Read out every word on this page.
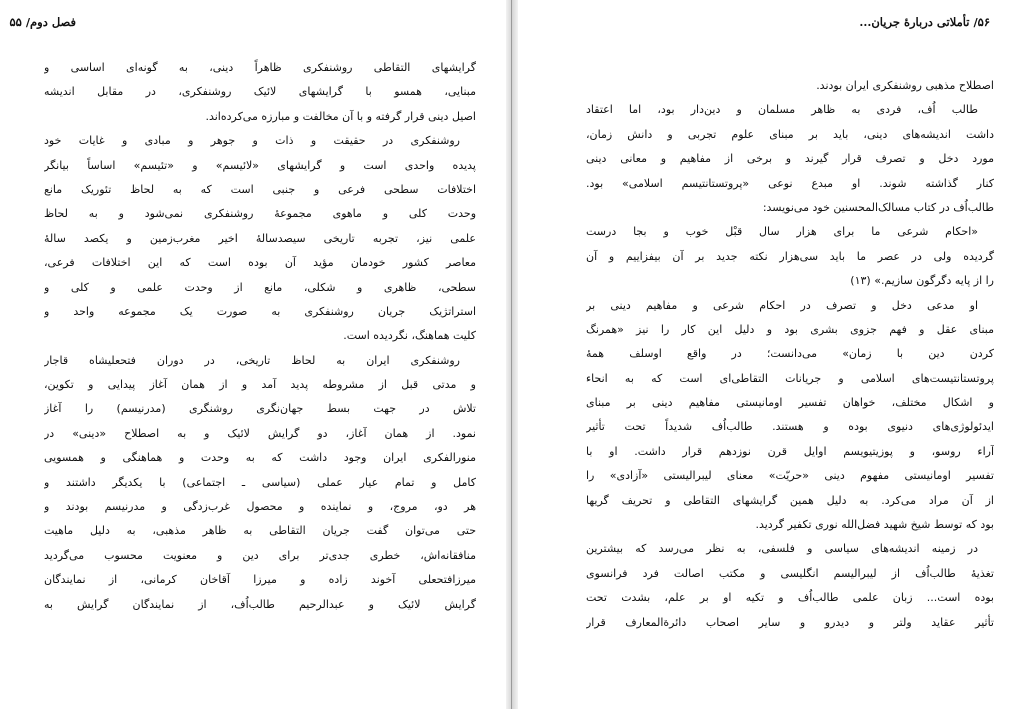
فصل دوم/ ۵۵
گرایشهای التقاطی روشنفکری ظاهراً دینی، به گونه‌ای اساسی و
مبنایی، همسو با گرایشهای لائیک روشنفکری، در مقابل اندیشه
اصیل دینی قرار گرفته و با آن مخالفت و مبارزه می‌کرده‌اند.
روشنفکری در حقیقت و ذات و جوهر و مبادی و غایات خود
پدیده واحدی است و گرایشهای «لائیسم» و «تئیسم» اساساً بیانگر
اختلافات سطحی فرعی و جنبی است که به لحاظ تئوریک مانع
وحدت کلی و ماهوی مجموعهٔ روشنفکری نمی‌شود و به لحاظ
علمی نیز، تجربه تاریخی سیصدسالهٔ اخیر مغرب‌زمین و یکصد سالهٔ
معاصر کشور خودمان مؤید آن بوده است که این اختلافات فرعی،
سطحی، ظاهری و شکلی، مانع از وحدت علمی و کلی و
استراتژیک جریان روشنفکری به صورت یک مجموعه واحد و
کلیت هماهنگ، نگردیده است.
روشنفکری ایران به لحاظ تاریخی، در دوران فتحعلیشاه قاجار
و مدتی قبل از مشروطه پدید آمد و از همان آغاز پیدایی و تکوین،
تلاش در جهت بسط جهان‌نگری روشنگری (مدرنیسم) را آغاز
نمود. از همان آغاز، دو گرایش لائیک و به اصطلاح «دینی» در
منورالفکری ایران وجود داشت که به وحدت و هماهنگی و همسویی
کامل و تمام عیار عملی (سیاسی ـ اجتماعی) با یکدیگر داشتند و
هر دو، مروج، و نماینده و محصول غرب‌زدگی و مدرنیسم بودند و
حتی می‌توان گفت جریان التقاطی به ظاهر مذهبی، به دلیل ماهیت
منافقانه‌اش، خطری جدی‌تر برای دین و معنویت محسوب می‌گردید
میرزافتحعلی آخوند زاده و میرزا آقاخان کرمانی، از نمایندگان
گرایش لائیک و عبدالرحیم طالب‌اُف، از نمایندگان گرایش به
۵۶/ تأملاتی دربارهٔ جریان...
اصطلاح مذهبی روشنفکری ایران بودند.
طالب اُف، فردی به ظاهر مسلمان و دین‌دار بود، اما اعتقاد
داشت اندیشه‌های دینی، باید بر مبنای علوم تجربی و دانش زمان،
مورد دخل و تصرف قرار گیرند و برخی از مفاهیم و معانی دینی
کنار گذاشته شوند. او مبدع نوعی «پروتستانتیسم اسلامی» بود.
طالب‌اُف در کتاب مسالک‌المحسنین خود می‌نویسد:
«احکام شرعی ما برای هزار سال قبْل خوب و بجا درست
گردیده ولی در عصر ما باید سی‌هزار نکته جدید بر آن بیفزاییم و آن
را از پایه دگرگون سازیم.» (۱۳)
او مدعی دخل و تصرف در احکام شرعی و مفاهیم دینی بر
مبنای عقل و فهم جزوی بشری بود و دلیل این کار را نیز «همرنگ
کردن دین با زمان» می‌دانست؛ در واقع اوسلف همهٔ
پروتستانتیست‌های اسلامی و جریانات التقاطی‌ای است که به انحاء
و اشکال مختلف، خواهان تفسیر اومانیستی مفاهیم دینی بر مبنای
ایدئولوژی‌های دنیوی بوده و هستند. طالب‌اُف شدیداً تحت تأثیر
آراء روسو، و پوزیتیویسم اوایل قرن نوزدهم قرار داشت. او با
تفسیر اومانیستی مفهوم دینی «حریّت» معنای لیبرالیستی «آزادی» را
از آن مراد می‌کرد. به دلیل همین گرایشهای التقاطی و تحریف گریها
بود که توسط شیخ شهید فضل‌الله نوری تکفیر گردید.
در زمینه اندیشه‌های سیاسی و فلسفی، به نظر می‌رسد که بیشترین
تغذیهٔ طالب‌اُف از لیبرالیسم انگلیسی و مکتب اصالت فرد فرانسوی
بوده است... زبان علمی طالب‌اُف و تکیه او بر علم، بشدت تحت
تأثیر عقاید ولتر و دیدرو و سایر اصحاب دائرةالمعارف قرار
